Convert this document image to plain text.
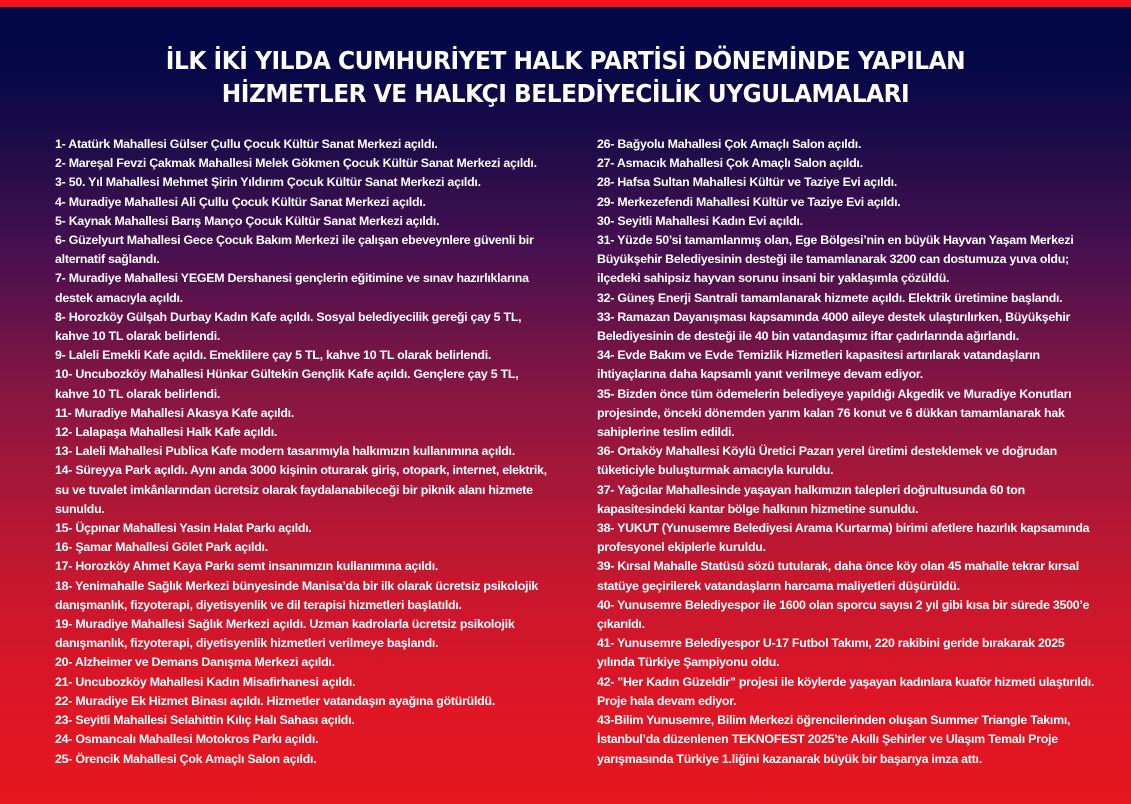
İLK İKİ YILDA CUMHURİYET HALK PARTİSİ DÖNEMİNDE YAPILAN
HİZMETLER VE HALKÇI BELEDİYECİLİK UYGULAMALARI

1- Atatürk Mahallesi Gülser Çullu Çocuk Kültür Sanat Merkezi açıldı.

2- Mareşal Fevzi Çakmak Mahallesi Melek Gökmen Çocuk Kültür Sanat Merkezi açıldı.

3- 50. Yıl Mahallesi Mehmet Şirin Yıldırım Çocuk Kültür Sanat Merkezi açıldı.

4- Muradiye Mahallesi Ali Çullu Çocuk Kültür Sanat Merkezi açıldı.

5- Kaynak Mahallesi Barış Manço Çocuk Kültür Sanat Merkezi açıldı.

6- Güzelyurt Mahallesi Gece Çocuk Bakım Merkezi ile çalışan ebeveynlere güvenli bir alternatif sağlandı.

7- Muradiye Mahallesi YEGEM Dershanesi gençlerin eğitimine ve sınav hazırlıklarına destek amacıyla açıldı.

8- Horozköy Gülşah Durbay Kadın Kafe açıldı. Sosyal belediyecilik gereği çay 5 TL, kahve 10 TL olarak belirlendi.

9- Laleli Emekli Kafe açıldı. Emeklilere çay 5 TL, kahve 10 TL olarak belirlendi.

10- Uncubozköy Mahallesi Hünkar Gültekin Gençlik Kafe açıldı. Gençlere çay 5 TL, kahve 10 TL olarak belirlendi.

11- Muradiye Mahallesi Akasya Kafe açıldı.

12- Lalapaşa Mahallesi Halk Kafe açıldı.

13- Laleli Mahallesi Publica Kafe modern tasarımıyla halkımızın kullanımına açıldı.

14- Süreyya Park açıldı. Aynı anda 3000 kişinin oturarak giriş, otopark, internet, elektrik, su ve tuvalet imkânlarından ücretsiz olarak faydalanabileceği bir piknik alanı hizmete sunuldu.

15- Üçpınar Mahallesi Yasin Halat Parkı açıldı.

16- Şamar Mahallesi Gölet Park açıldı.

17- Horozköy Ahmet Kaya Parkı semt insanımızın kullanımına açıldı.

18- Yenimahalle Sağlık Merkezi bünyesinde Manisa’da bir ilk olarak ücretsiz psikolojik danışmanlık, fizyoterapi, diyetisyenlik ve dil terapisi hizmetleri başlatıldı.

19- Muradiye Mahallesi Sağlık Merkezi açıldı. Uzman kadrolarla ücretsiz psikolojik danışmanlık, fizyoterapi, diyetisyenlik hizmetleri verilmeye başlandı.

20- Alzheimer ve Demans Danışma Merkezi açıldı.

21- Uncubozköy Mahallesi Kadın Misafirhanesi açıldı.

22- Muradiye Ek Hizmet Binası açıldı. Hizmetler vatandaşın ayağına götürüldü.

23- Seyitli Mahallesi Selahittin Kılıç Halı Sahası açıldı.

24- Osmancalı Mahallesi Motokros Parkı açıldı.

25- Örencik Mahallesi Çok Amaçlı Salon açıldı.

26- Bağyolu Mahallesi Çok Amaçlı Salon açıldı.

27- Asmacık Mahallesi Çok Amaçlı Salon açıldı.

28- Hafsa Sultan Mahallesi Kültür ve Taziye Evi açıldı.

29- Merkezefendi Mahallesi Kültür ve Taziye Evi açıldı.

30- Seyitli Mahallesi Kadın Evi açıldı.

31- Yüzde 50’si tamamlanmış olan, Ege Bölgesi’nin en büyük Hayvan Yaşam Merkezi Büyükşehir Belediyesinin desteği ile tamamlanarak 3200 can dostumuza yuva oldu; ilçedeki sahipsiz hayvan sorunu insani bir yaklaşımla çözüldü.

32- Güneş Enerji Santrali tamamlanarak hizmete açıldı. Elektrik üretimine başlandı.

33- Ramazan Dayanışması kapsamında 4000 aileye destek ulaştırılırken, Büyükşehir Belediyesinin de desteği ile 40 bin vatandaşımız iftar çadırlarında ağırlandı.

34- Evde Bakım ve Evde Temizlik Hizmetleri kapasitesi artırılarak vatandaşların ihtiyaçlarına daha kapsamlı yanıt verilmeye devam ediyor.

35- Bizden önce tüm ödemelerin belediyeye yapıldığı Akgedik ve Muradiye Konutları projesinde, önceki dönemden yarım kalan 76 konut ve 6 dükkan tamamlanarak hak sahiplerine teslim edildi.

36- Ortaköy Mahallesi Köylü Üretici Pazarı yerel üretimi desteklemek ve doğrudan tüketiciyle buluşturmak amacıyla kuruldu.

37- Yağcılar Mahallesinde yaşayan halkımızın talepleri doğrultusunda 60 ton kapasitesindeki kantar bölge halkının hizmetine sunuldu.

38- YUKUT (Yunusemre Belediyesi Arama Kurtarma) birimi afetlere hazırlık kapsamında profesyonel ekiplerle kuruldu.

39- Kırsal Mahalle Statüsü sözü tutularak, daha önce köy olan 45 mahalle tekrar kırsal statüye geçirilerek vatandaşların harcama maliyetleri düşürüldü.

40- Yunusemre Belediyespor ile 1600 olan sporcu sayısı 2 yıl gibi kısa bir sürede 3500’e çıkarıldı.

41- Yunusemre Belediyespor U-17 Futbol Takımı, 220 rakibini geride bırakarak 2025 yılında Türkiye Şampiyonu oldu.

42- "Her Kadın Güzeldir" projesi ile köylerde yaşayan kadınlara kuaför hizmeti ulaştırıldı. Proje hala devam ediyor.

43-Bilim Yunusemre, Bilim Merkezi öğrencilerinden oluşan Summer Triangle Takımı, İstanbul’da düzenlenen TEKNOFEST 2025’te Akıllı Şehirler ve Ulaşım Temalı Proje yarışmasında Türkiye 1.liğini kazanarak büyük bir başarıya imza attı.
